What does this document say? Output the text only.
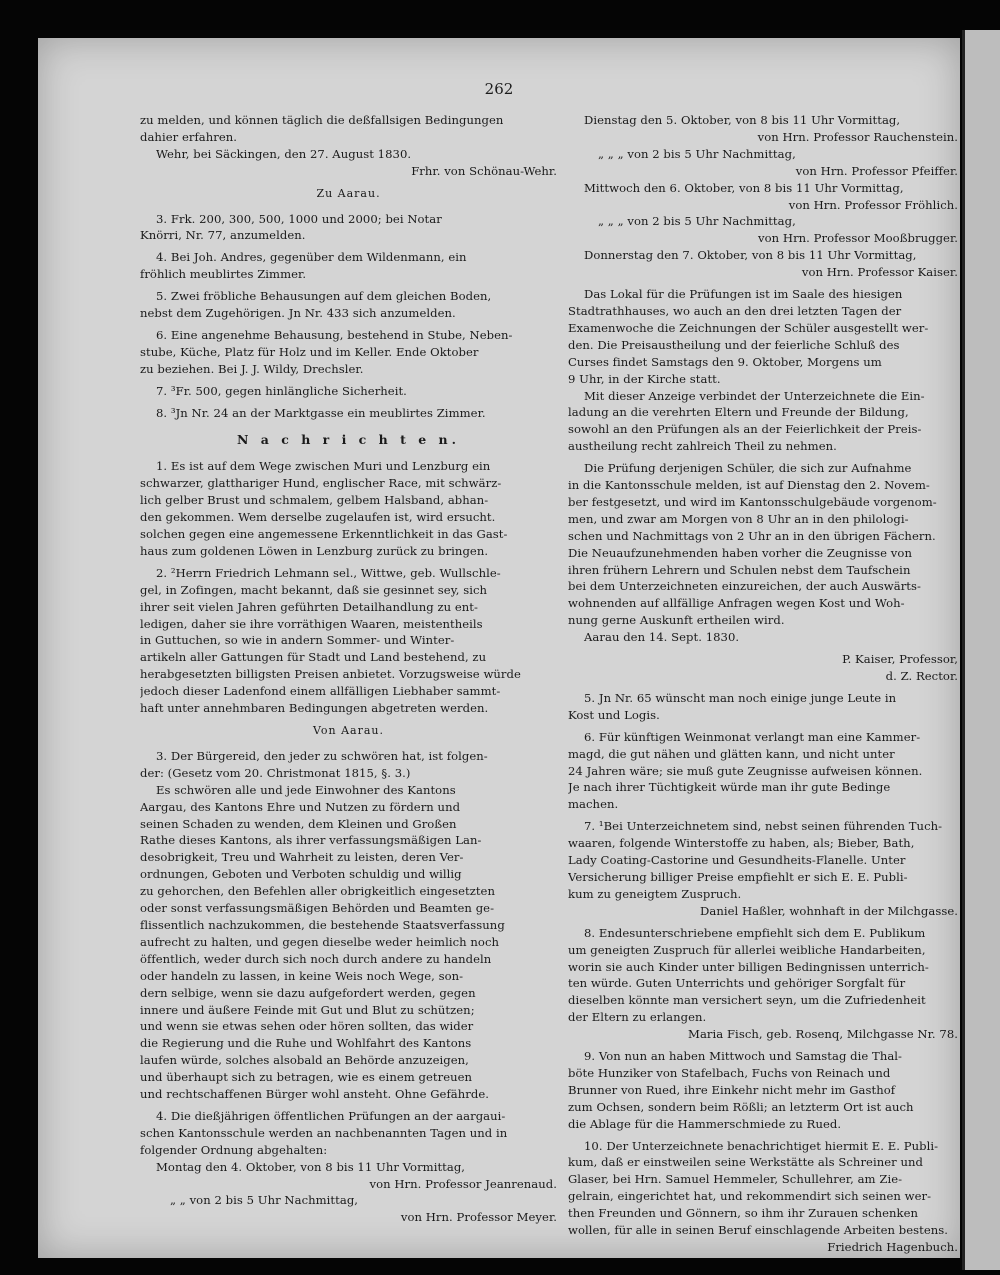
262
zu melden, und können täglich die deßfallsigen Bedingungen
dahier erfahren.
Wehr, bei Säckingen, den 27. August 1830.
Frhr. von Schönau-Wehr.
Zu Aarau.
3. Frk. 200, 300, 500, 1000 und 2000; bei Notar
Knörri, Nr. 77, anzumelden.
4. Bei Joh. Andres, gegenüber dem Wildenmann, ein
fröhlich meublirtes Zimmer.
5. Zwei fröbliche Behausungen auf dem gleichen Boden,
nebst dem Zugehörigen. Jn Nr. 433 sich anzumelden.
6. Eine angenehme Behausung, bestehend in Stube, Neben-
stube, Küche, Platz für Holz und im Keller. Ende Oktober
zu beziehen. Bei J. J. Wildy, Drechsler.
7. ³Fr. 500, gegen hinlängliche Sicherheit.
8. ³Jn Nr. 24 an der Marktgasse ein meublirtes Zimmer.
N a c h r i c h t e n.
1. Es ist auf dem Wege zwischen Muri und Lenzburg ein
schwarzer, glatthariger Hund, englischer Race, mit schwärz-
lich gelber Brust und schmalem, gelbem Halsband, abhan-
den gekommen. Wem derselbe zugelaufen ist, wird ersucht.
solchen gegen eine angemessene Erkenntlichkeit in das Gast-
haus zum goldenen Löwen in Lenzburg zurück zu bringen.
2. ²Herrn Friedrich Lehmann sel., Wittwe, geb. Wullschle-
gel, in Zofingen, macht bekannt, daß sie gesinnet sey, sich
ihrer seit vielen Jahren geführten Detailhandlung zu ent-
ledigen, daher sie ihre vorräthigen Waaren, meistentheils
in Guttuchen, so wie in andern Sommer- und Winter-
artikeln aller Gattungen für Stadt und Land bestehend, zu
herabgesetzten billigsten Preisen anbietet. Vorzugsweise würde
jedoch dieser Ladenfond einem allfälligen Liebhaber sammt-
haft unter annehmbaren Bedingungen abgetreten werden.
Von Aarau.
3. Der Bürgereid, den jeder zu schwören hat, ist folgen-
der: (Gesetz vom 20. Christmonat 1815, §. 3.)
Es schwören alle und jede Einwohner des Kantons
Aargau, des Kantons Ehre und Nutzen zu fördern und
seinen Schaden zu wenden, dem Kleinen und Großen
Rathe dieses Kantons, als ihrer verfassungsmäßigen Lan-
desobrigkeit, Treu und Wahrheit zu leisten, deren Ver-
ordnungen, Geboten und Verboten schuldig und willig
zu gehorchen, den Befehlen aller obrigkeitlich eingesetzten
oder sonst verfassungsmäßigen Behörden und Beamten ge-
flissentlich nachzukommen, die bestehende Staatsverfassung
aufrecht zu halten, und gegen dieselbe weder heimlich noch
öffentlich, weder durch sich noch durch andere zu handeln
oder handeln zu lassen, in keine Weis noch Wege, son-
dern selbige, wenn sie dazu aufgefordert werden, gegen
innere und äußere Feinde mit Gut und Blut zu schützen;
und wenn sie etwas sehen oder hören sollten, das wider
die Regierung und die Ruhe und Wohlfahrt des Kantons
laufen würde, solches alsobald an Behörde anzuzeigen,
und überhaupt sich zu betragen, wie es einem getreuen
und rechtschaffenen Bürger wohl ansteht. Ohne Gefährde.
4. Die dießjährigen öffentlichen Prüfungen an der aargaui-
schen Kantonsschule werden an nachbenannten Tagen und in
folgender Ordnung abgehalten:
Montag den 4. Oktober, von 8 bis 11 Uhr Vormittag,
von Hrn. Professor Jeanrenaud.
„ „ von 2 bis 5 Uhr Nachmittag,
von Hrn. Professor Meyer.
Dienstag den 5. Oktober, von 8 bis 11 Uhr Vormittag,
von Hrn. Professor Rauchenstein.
„ „ „ von 2 bis 5 Uhr Nachmittag,
von Hrn. Professor Pfeiffer.
Mittwoch den 6. Oktober, von 8 bis 11 Uhr Vormittag,
von Hrn. Professor Fröhlich.
„ „ „ von 2 bis 5 Uhr Nachmittag,
von Hrn. Professor Mooßbrugger.
Donnerstag den 7. Oktober, von 8 bis 11 Uhr Vormittag,
von Hrn. Professor Kaiser.
Das Lokal für die Prüfungen ist im Saale des hiesigen
Stadtrathhauses, wo auch an den drei letzten Tagen der
Examenwoche die Zeichnungen der Schüler ausgestellt wer-
den. Die Preisaustheilung und der feierliche Schluß des
Curses findet Samstags den 9. Oktober, Morgens um
9 Uhr, in der Kirche statt.
Mit dieser Anzeige verbindet der Unterzeichnete die Ein-
ladung an die verehrten Eltern und Freunde der Bildung,
sowohl an den Prüfungen als an der Feierlichkeit der Preis-
austheilung recht zahlreich Theil zu nehmen.
Die Prüfung derjenigen Schüler, die sich zur Aufnahme
in die Kantonsschule melden, ist auf Dienstag den 2. Novem-
ber festgesetzt, und wird im Kantonsschulgebäude vorgenom-
men, und zwar am Morgen von 8 Uhr an in den philologi-
schen und Nachmittags von 2 Uhr an in den übrigen Fächern.
Die Neuaufzunehmenden haben vorher die Zeugnisse von
ihren frühern Lehrern und Schulen nebst dem Taufschein
bei dem Unterzeichneten einzureichen, der auch Auswärts-
wohnenden auf allfällige Anfragen wegen Kost und Woh-
nung gerne Auskunft ertheilen wird.
Aarau den 14. Sept. 1830.
P. Kaiser, Professor,
d. Z. Rector.
5. Jn Nr. 65 wünscht man noch einige junge Leute in
Kost und Logis.
6. Für künftigen Weinmonat verlangt man eine Kammer-
magd, die gut nähen und glätten kann, und nicht unter
24 Jahren wäre; sie muß gute Zeugnisse aufweisen können.
Je nach ihrer Tüchtigkeit würde man ihr gute Bedinge
machen.
7. ¹Bei Unterzeichnetem sind, nebst seinen führenden Tuch-
waaren, folgende Winterstoffe zu haben, als; Bieber, Bath,
Lady Coating-Castorine und Gesundheits-Flanelle. Unter
Versicherung billiger Preise empfiehlt er sich E. E. Publi-
kum zu geneigtem Zuspruch.
Daniel Haßler, wohnhaft in der Milchgasse.
8. Endesunterschriebene empfiehlt sich dem E. Publikum
um geneigten Zuspruch für allerlei weibliche Handarbeiten,
worin sie auch Kinder unter billigen Bedingnissen unterrich-
ten würde. Guten Unterrichts und gehöriger Sorgfalt für
dieselben könnte man versichert seyn, um die Zufriedenheit
der Eltern zu erlangen.
Maria Fisch, geb. Rosenq, Milchgasse Nr. 78.
9. Von nun an haben Mittwoch und Samstag die Thal-
böte Hunziker von Stafelbach, Fuchs von Reinach und
Brunner von Rued, ihre Einkehr nicht mehr im Gasthof
zum Ochsen, sondern beim Rößli; an letzterm Ort ist auch
die Ablage für die Hammerschmiede zu Rued.
10. Der Unterzeichnete benachrichtiget hiermit E. E. Publi-
kum, daß er einstweilen seine Werkstätte als Schreiner und
Glaser, bei Hrn. Samuel Hemmeler, Schullehrer, am Zie-
gelrain, eingerichtet hat, und rekommendirt sich seinen wer-
then Freunden und Gönnern, so ihm ihr Zurauen schenken
wollen, für alle in seinen Beruf einschlagende Arbeiten bestens.
Friedrich Hagenbuch.
